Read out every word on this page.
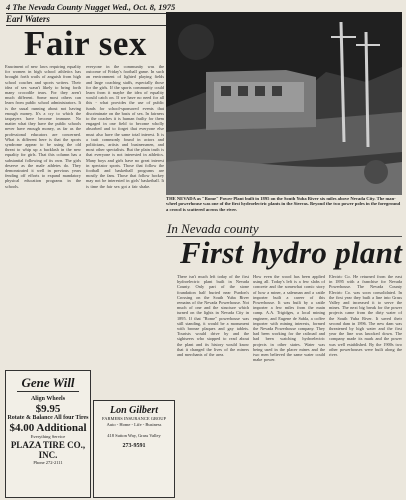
4 The Nevada County Nugget Wed., Oct. 8, 1975
Earl Waters
Fair sex
Enactment of new laws requiring equality for women in high school athletics has brought forth wails of anguish from high school coaches and sports writers. Their idea of sex wasn't likely to bring forth many crocodile tears. For they aren't much different. Some most others can learn from public school administrators. It is the usual running about not having enough money. It's a cry to which the taxpayers have become immune. No matter what they have the public schools never have enough money, as far as the professional educators are concerned. What is different here is that the sports syndrome appear to be using the old threat to whip up a backlash in the new equality for girls. That this column has a substantial following of its own. The girls deserve as the male athletes do. They demonstrated it well in previous years fending off efforts to expand mandatory physical education programs in the schools.
everyone in the community was the outcome of Friday's football game. In such an environment of lighted playing fields and large coaching staffs, especially those for the girls. If the sports community could learn from it maybe the idea of equality would catch on. If we have no need for all this - what provides the use of public funds for school-sponsored events that discriminate on the basis of sex. In fairness to the coaches it is human frailty for them engaged in one field to become wholly absorbed and to forget that everyone else must also have the same total interest. It is a trait commonly found in actors and politicians, artists and businessmen, and most other specialists. But the plain truth is that everyone is not interested in athletics. Many boys and girls have no great interest in spectator sports. Those that follow the football and basketball programs are mostly the fans. Those that follow hockey may not be interested in girls' basketball. It is time the fair sex got a fair shake.
THE NEVADA as "Rome" Power Plant built in 1895 on the South Yuba River six miles above Nevada City. The man-wheel powerhouse was one of the first hydroelectric plants in the Sierras. Beyond the two power poles in the foreground a crowd is scattered across the river.
In Nevada county
First hydro plant
There isn't much left today of the first hydroelectric plant built in Nevada County. Only part of the stone foundation half buried near Purdon's Crossing on the South Yuba River remains of the Nevada Powerhouse. Not much of one and the structure which turned on the lights in Nevada City in 1895. If that "Rome" powerhouse was still standing, it would be a monument with bronze plaques and gay tablets. Tourists would drive by and the sightseers who stopped to read about the plant and its history would know that it changed the lives of the miners and merchants of the area.
How even the wood has been applied using all. Today's left is a few slabs of concrete and the somewhat comic story of how a miner, a salesman and a cattle importer built a career of this Powerhouse. It was built by a cattle importer a few miles from the main camp. A.A. Trigidges, a local mining engineer, and Eugene de Sabla, a coffee importer with mining interests, formed the Nevada Powerhouse company. They had been working for the railroad and had been watching hydroelectric projects in other states. Water was being used in the placer mines and the two men believed the same water could make power.
Electric Co. He returned from the east in 1895 with a franchise for Nevada Powerhouse. The Nevada County Electric Co. was soon consolidated. In the first year they built a line into Grass Valley and increased it to serve the mines. The next big break for the power projects came from the dirty water of the South Yuba River. It saved their second dam in 1896. The new dam was threatened by high water and the first year the line was knocked down. The company made its mark and the power was well established. By the 1900s two other powerhouses were built along the river.
Gene Will
Align Wheels
$9.95
Rotate & Balance All four Tires
$4.00 Additional
Everything Service
PLAZA TIRE CO., INC.
Phone 272-2111
Lon Gilbert
FARMERS INSURANCE GROUP
Auto - Home - Life - Business
418 Sutton Way, Grass Valley
273-9591
